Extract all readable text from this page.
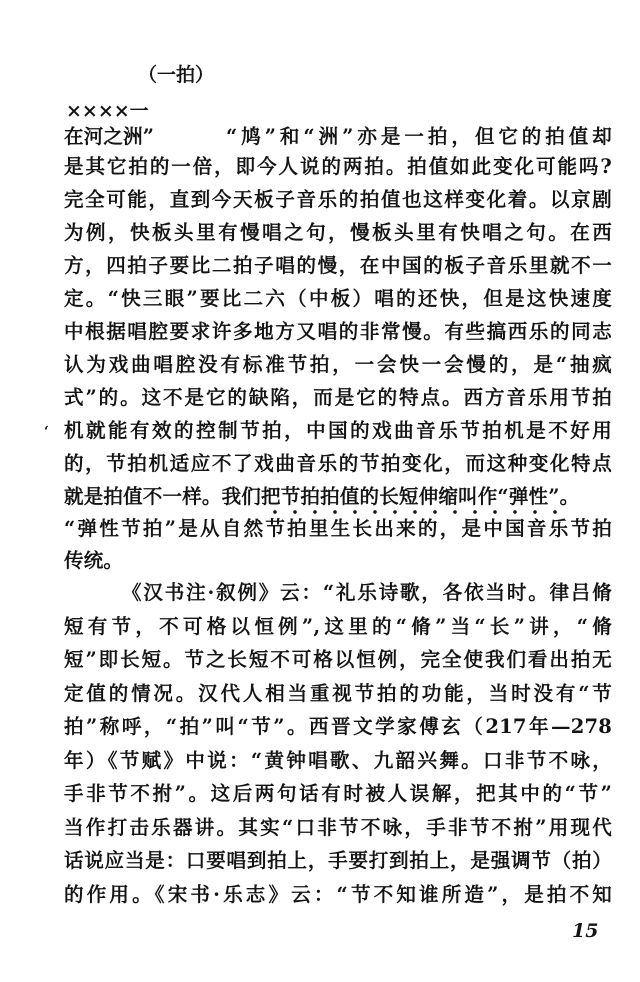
（一拍）
××××一
在河之洲”	“鸠”和“洲”亦是一拍，但它的拍值却
是其它拍的一倍，即今人说的两拍。拍值如此变化可能吗?
完全可能，直到今天板子音乐的拍值也这样变化着。以京剧
为例，快板头里有慢唱之句，慢板头里有快唱之句。在西
方，四拍子要比二拍子唱的慢，在中国的板子音乐里就不一
定。“快三眼”要比二六（中板）唱的还快，但是这快速度
中根据唱腔要求许多地方又唱的非常慢。有些搞西乐的同志
认为戏曲唱腔没有标准节拍，一会快一会慢的，是“抽疯
式”的。这不是它的缺陷，而是它的特点。西方音乐用节拍
机就能有效的控制节拍，中国的戏曲音乐节拍机是不好用
的，节拍机适应不了戏曲音乐的节拍变化，而这种变化特点
就是拍值不一样。我们把节拍拍值的长短伸缩叫作“弹性”
。
“弹性节拍”是从自然节拍里生长出来的，是中国音乐节拍
传统。
《汉书注·叙例》云：“礼乐诗歌，各依当时。律吕脩
短有节，不可格以恒例”,这里的“脩”当“长”讲，“脩
短”即长短。节之长短不可格以恒例，完全使我们看出拍无
定值的情况。汉代人相当重视节拍的功能，当时没有“节
拍”称呼，“拍”叫“节”。西晋文学家傅玄（217年—278
年）《节赋》中说：“黄钟唱歌、九韶兴舞。口非节不咏，
手非节不拊”。这后两句话有时被人误解，把其中的“节”
当作打击乐器讲。其实“口非节不咏，手非节不拊”用现代
话说应当是：口要唱到拍上，手要打到拍上，是强调节（拍）
的作用。《宋书·乐志》云：“节不知谁所造”，是拍不知
‘
15
